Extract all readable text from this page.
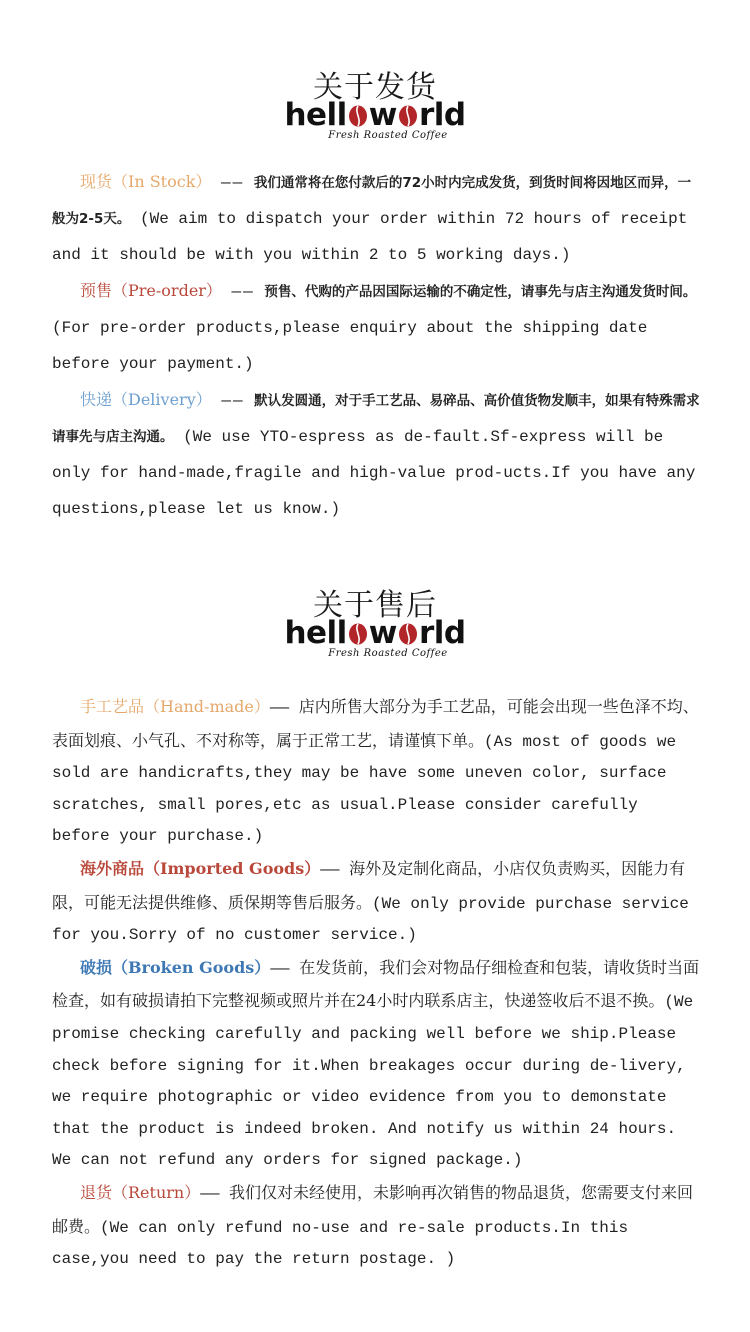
关于发货
hell w rld
Fresh Roasted Coffee

现货（In Stock） —— 我们通常将在您付款后的72小时内完成发货，到货时间将因地区而异，一般为2-5天。 (We aim to dispatch your order within 72 hours of receipt and it should be with you within 2 to 5 working days.)

预售（Pre-order） —— 预售、代购的产品因国际运输的不确定性，请事先与店主沟通发货时间。 (For pre-order products,please enquiry about the shipping date before your payment.)

快递（Delivery） —— 默认发圆通，对于手工艺品、易碎品、高价值货物发顺丰，如果有特殊需求请事先与店主沟通。 (We use YTO-espress as de-fault.Sf-express will be only for hand-made,fragile and high-value prod-ucts.If you have any questions,please let us know.)

关于售后
hell w rld
Fresh Roasted Coffee

手工艺品（Hand-made）—— 店内所售大部分为手工艺品，可能会出现一些色泽不均、表面划痕、小气孔、不对称等，属于正常工艺，请谨慎下单。(As most of goods we sold are handicrafts,they may be have some uneven color, surface scratches, small pores,etc as usual.Please consider carefully before your purchase.)

海外商品（Imported Goods）—— 海外及定制化商品，小店仅负责购买，因能力有限，可能无法提供维修、质保期等售后服务。(We only provide purchase service for you.Sorry of no customer service.)

破损（Broken Goods）—— 在发货前，我们会对物品仔细检查和包装，请收货时当面检查，如有破损请拍下完整视频或照片并在24小时内联系店主，快递签收后不退不换。(We promise checking carefully and packing well before we ship.Please check before signing for it.When breakages occur during de-livery, we require photographic or video evidence from you to demonstate that the product is indeed broken. And notify us within 24 hours. We can not refund any orders for signed package.)

退货（Return）—— 我们仅对未经使用，未影响再次销售的物品退货，您需要支付来回邮费。(We can only refund no-use and re-sale products.In this case,you need to pay the return postage. )
